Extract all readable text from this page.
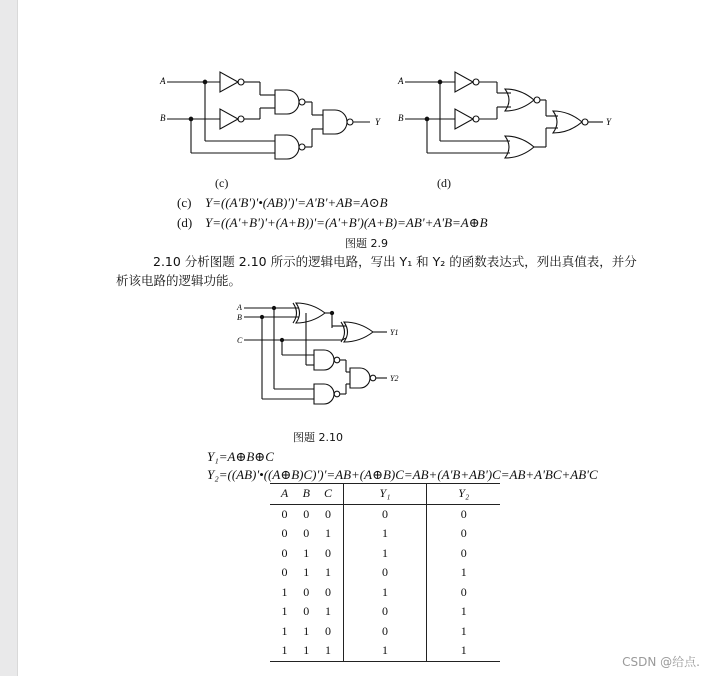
A
B	Y
A
B	Y
(c)	(d)
(c) Y=((A'B')'•(AB)')'=A'B'+AB=A⊙B
(d) Y=((A'+B')'+(A+B))'=(A'+B')(A+B)=AB'+A'B=A⊕B
图题 2.9
2.10 分析图题 2.10 所示的逻辑电路，写出 Y₁ 和 Y₂ 的函数表达式，列出真值表，并分
析该电路的逻辑功能。
A
B
C
Y1
Y2
图题 2.10
Y₁=A⊕B⊕C
Y₂=((AB)'•((A⊕B)C)')'=AB+(A⊕B)C=AB+(A'B+AB')C=AB+A'BC+AB'C
A	B	C	Y₁	Y₂
0	0	0	0	0
0	0	1	1	0
0	1	0	1	0
0	1	1	0	1
1	0	0	1	0
1	0	1	0	1
1	1	0	0	1
1	1	1	1	1
CSDN @给点.
